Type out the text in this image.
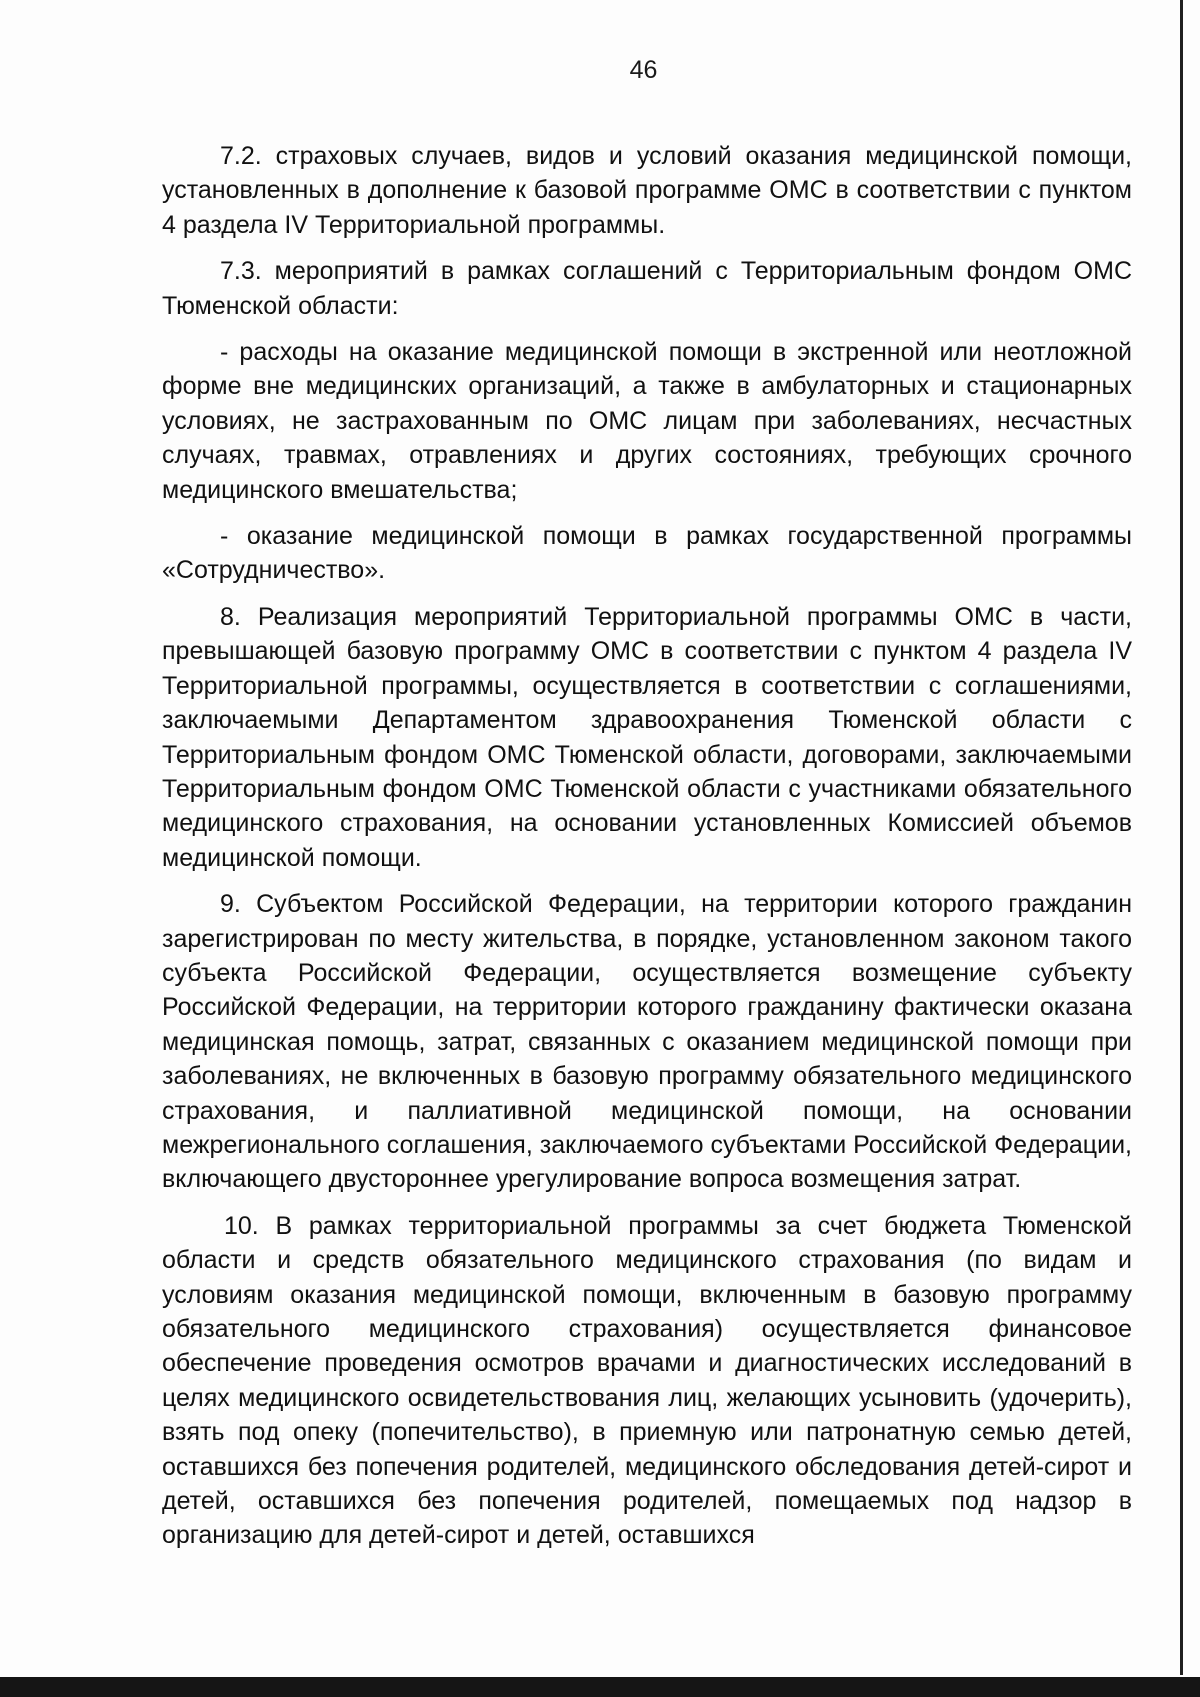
46

7.2. страховых случаев, видов и условий оказания медицинской помощи, установленных в дополнение к базовой программе ОМС в соответствии с пунктом 4 раздела IV Территориальной программы.

7.3. мероприятий в рамках соглашений с Территориальным фондом ОМС Тюменской области:

- расходы на оказание медицинской помощи в экстренной или неотложной форме вне медицинских организаций, а также в амбулаторных и стационарных условиях, не застрахованным по ОМС лицам при заболеваниях, несчастных случаях, травмах, отравлениях и других состояниях, требующих срочного медицинского вмешательства;

- оказание медицинской помощи в рамках государственной программы «Сотрудничество».

8. Реализация мероприятий Территориальной программы ОМС в части, превышающей базовую программу ОМС в соответствии с пунктом 4 раздела IV Территориальной программы, осуществляется в соответствии с соглашениями, заключаемыми Департаментом здравоохранения Тюменской области с Территориальным фондом ОМС Тюменской области, договорами, заключаемыми Территориальным фондом ОМС Тюменской области с участниками обязательного медицинского страхования, на основании установленных Комиссией объемов медицинской помощи.

9. Субъектом Российской Федерации, на территории которого гражданин зарегистрирован по месту жительства, в порядке, установленном законом такого субъекта Российской Федерации, осуществляется возмещение субъекту Российской Федерации, на территории которого гражданину фактически оказана медицинская помощь, затрат, связанных с оказанием медицинской помощи при заболеваниях, не включенных в базовую программу обязательного медицинского страхования, и паллиативной медицинской помощи, на основании межрегионального соглашения, заключаемого субъектами Российской Федерации, включающего двустороннее урегулирование вопроса возмещения затрат.

10. В рамках территориальной программы за счет бюджета Тюменской области и средств обязательного медицинского страхования (по видам и условиям оказания медицинской помощи, включенным в базовую программу обязательного медицинского страхования) осуществляется финансовое обеспечение проведения осмотров врачами и диагностических исследований в целях медицинского освидетельствования лиц, желающих усыновить (удочерить), взять под опеку (попечительство), в приемную или патронатную семью детей, оставшихся без попечения родителей, медицинского обследования детей-сирот и детей, оставшихся без попечения родителей, помещаемых под надзор в организацию для детей-сирот и детей, оставшихся
